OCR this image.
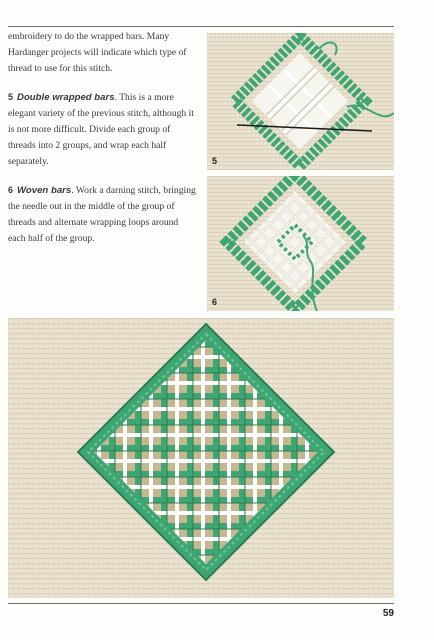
embroidery to do the wrapped bars. Many Hardanger projects will indicate which type of thread to use for this stitch.

5 Double wrapped bars. This is a more elegant variety of the previous stitch, although it is not more difficult. Divide each group of threads into 2 groups, and wrap each half separately.

6 Woven bars. Work a darning stitch, bringing the needle out in the middle of the group of threads and alternate wrapping loops around each half of the group.

5
6
59
